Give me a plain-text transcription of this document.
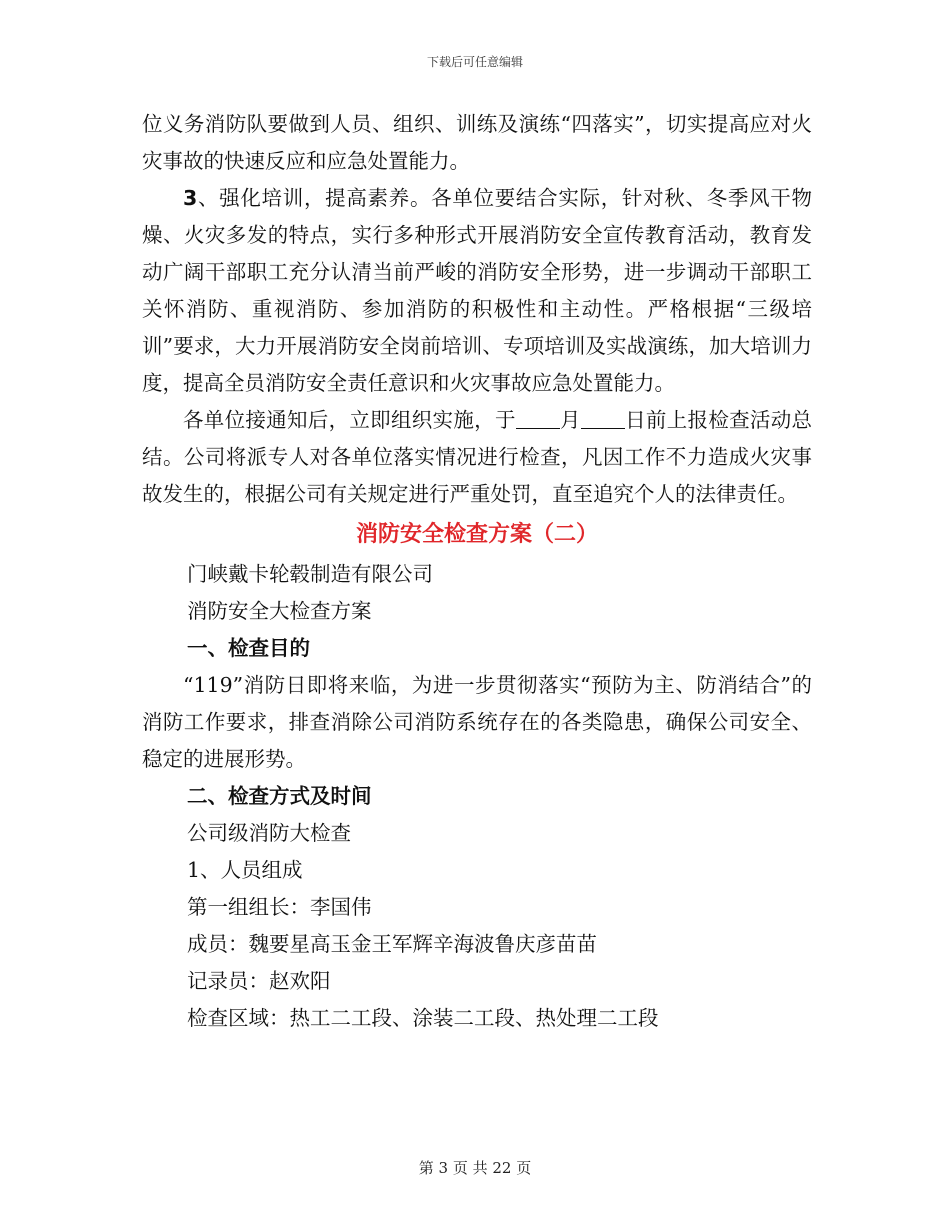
下载后可任意编辑

位义务消防队要做到人员、组织、训练及演练“四落实”，切实提高应对火灾事故的快速反应和应急处置能力。

3、强化培训，提高素养。各单位要结合实际，针对秋、冬季风干物燥、火灾多发的特点，实行多种形式开展消防安全宣传教育活动，教育发动广阔干部职工充分认清当前严峻的消防安全形势，进一步调动干部职工关怀消防、重视消防、参加消防的积极性和主动性。严格根据“三级培训”要求，大力开展消防安全岗前培训、专项培训及实战演练，加大培训力度，提高全员消防安全责任意识和火灾事故应急处置能力。

各单位接通知后，立即组织实施，于 月 日前上报检查活动总结。公司将派专人对各单位落实情况进行检查，凡因工作不力造成火灾事故发生的，根据公司有关规定进行严重处罚，直至追究个人的法律责任。

消防安全检查方案（二）

门峡戴卡轮毂制造有限公司

消防安全大检查方案

一、检查目的

“119”消防日即将来临，为进一步贯彻落实“预防为主、防消结合”的消防工作要求，排查消除公司消防系统存在的各类隐患，确保公司安全、稳定的进展形势。

二、检查方式及时间

公司级消防大检查

1、人员组成

第一组组长：李国伟

成员：魏要星高玉金王军辉辛海波鲁庆彦苗苗

记录员：赵欢阳

检查区域：热工二工段、涂装二工段、热处理二工段

第 3 页 共 22 页
